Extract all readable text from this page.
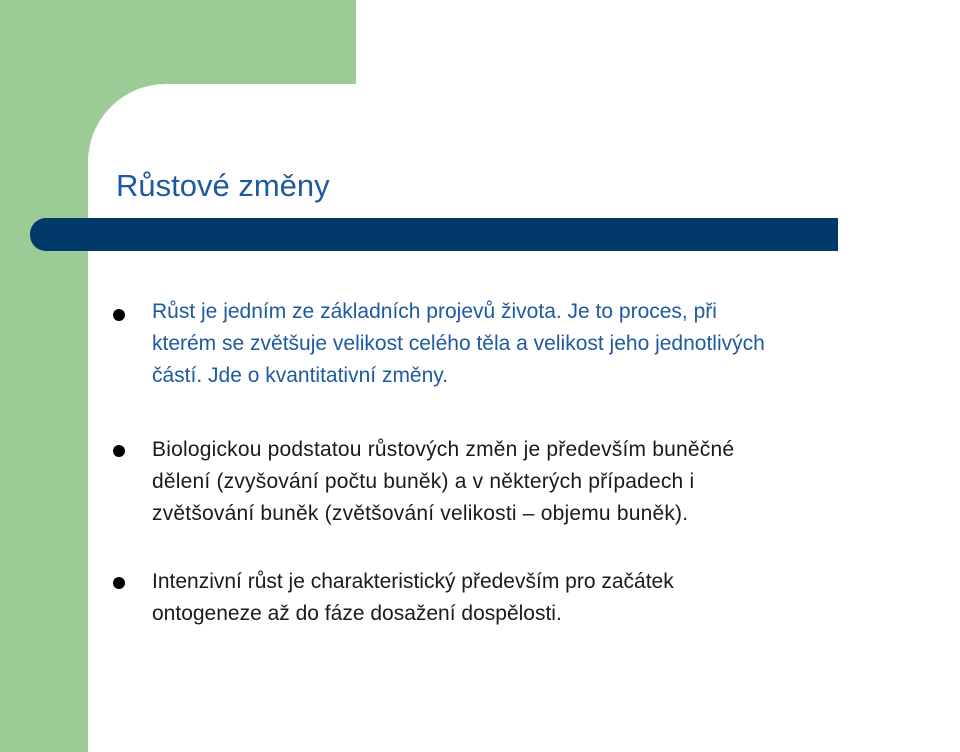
Růstové změny
Růst je jedním ze základních projevů života. Je to proces, při
kterém se zvětšuje velikost celého těla a velikost jeho jednotlivých
částí. Jde o kvantitativní změny.
Biologickou podstatou růstových změn je především buněčné
dělení (zvyšování počtu buněk) a v některých případech i
zvětšování buněk (zvětšování velikosti – objemu buněk).
Intenzivní růst je charakteristický především pro začátek
ontogeneze až do fáze dosažení dospělosti.
